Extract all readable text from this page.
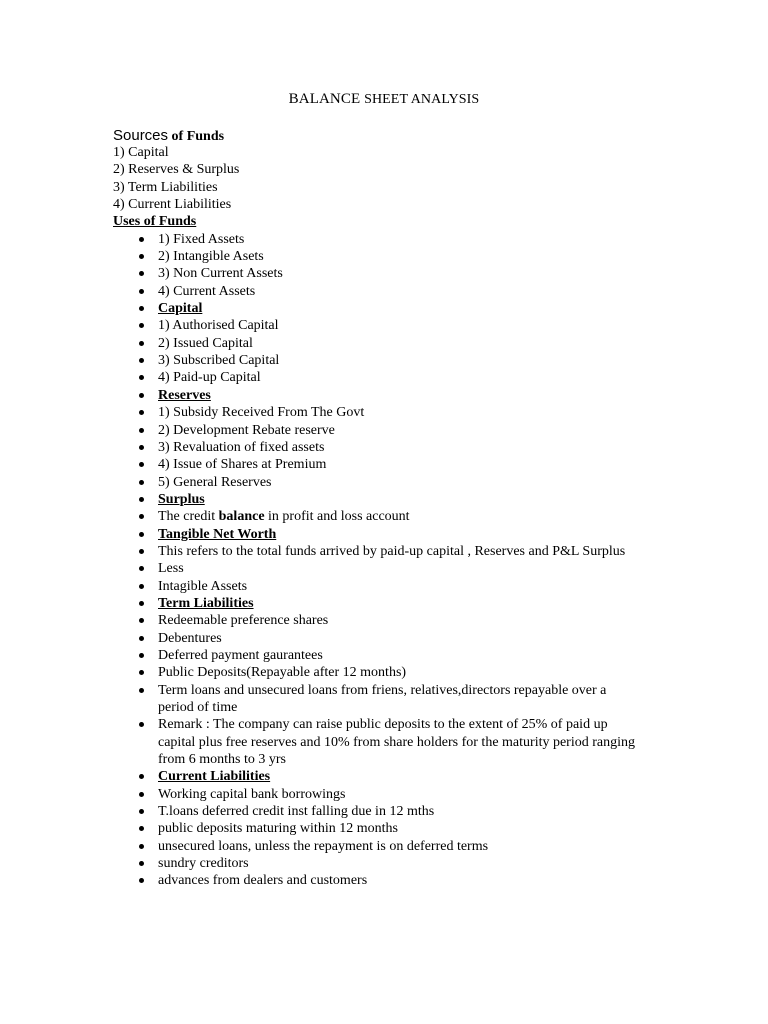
BALANCE SHEET ANALYSIS
Sources of Funds

1) Capital

2) Reserves & Surplus

3) Term Liabilities

4) Current Liabilities

Uses of Funds

1) Fixed Assets
2) Intangible Asets
3) Non Current Assets
4) Current Assets
Capital
1) Authorised Capital
2) Issued Capital
3) Subscribed Capital
4) Paid-up Capital
Reserves
1) Subsidy Received From The Govt
2) Development Rebate reserve
3) Revaluation of fixed assets
4) Issue of Shares at Premium
5) General Reserves
Surplus
The credit balance in profit and loss account
Tangible Net Worth
This refers to the total funds arrived by paid-up capital , Reserves and P&L Surplus
Less
Intagible Assets
Term Liabilities
Redeemable preference shares
Debentures
Deferred payment gaurantees
Public Deposits(Repayable after 12 months)
Term loans and unsecured loans from friens, relatives,directors repayable over a period of time
Remark : The company can raise public deposits to the extent of 25% of paid up capital plus free reserves and 10% from share holders for the maturity period ranging from 6 months to 3 yrs
Current Liabilities
Working capital bank borrowings
T.loans deferred credit inst falling due in 12 mths
public deposits maturing within 12 months
unsecured loans, unless the repayment is on deferred terms
sundry creditors
advances from dealers and customers
